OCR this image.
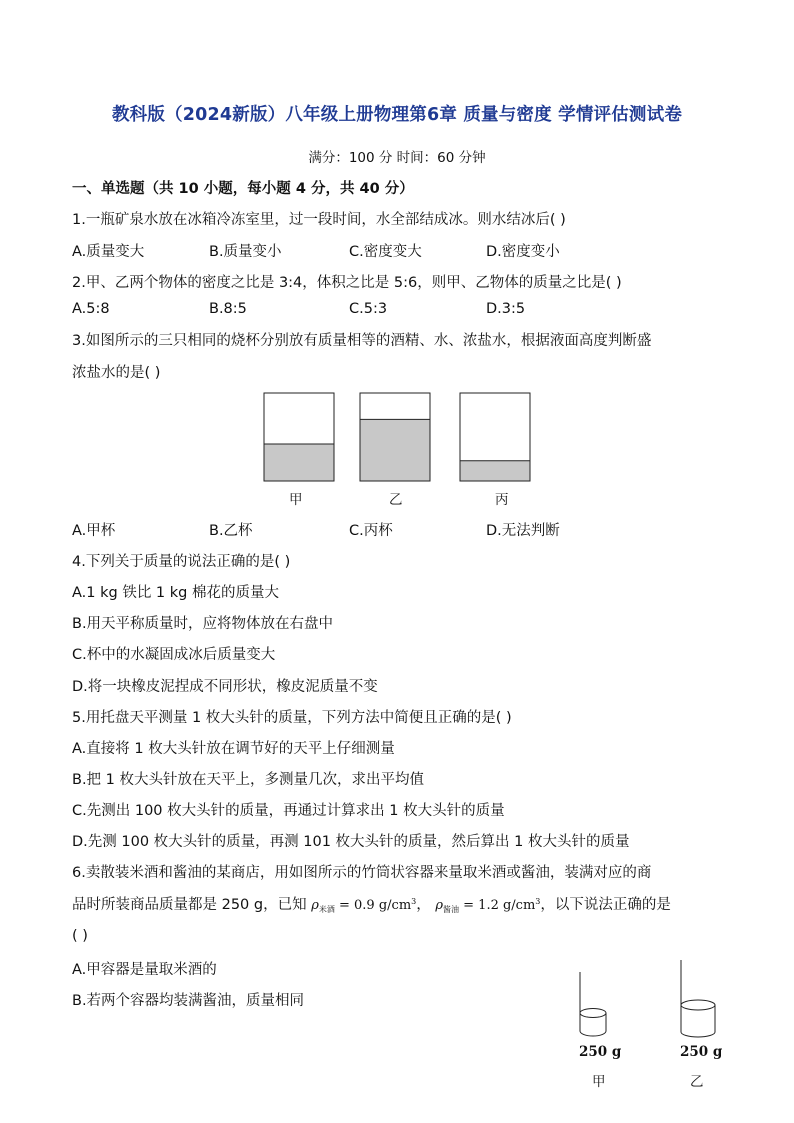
教科版（2024新版）八年级上册物理第6章 质量与密度 学情评估测试卷
满分：100 分 时间：60 分钟
一、单选题（共 10 小题，每小题 4 分，共 40 分）
1.一瓶矿泉水放在冰箱冷冻室里，过一段时间，水全部结成冰。则水结冰后( )
A.质量变大	B.质量变小	C.密度变大	D.密度变小
2.甲、乙两个物体的密度之比是 3:4，体积之比是 5:6，则甲、乙物体的质量之比是( )
A.5:8	B.8:5	C.5:3	D.3:5
3.如图所示的三只相同的烧杯分别放有质量相等的酒精、水、浓盐水，根据液面高度判断盛
浓盐水的是( )
甲	乙	丙
A.甲杯	B.乙杯	C.丙杯	D.无法判断
4.下列关于质量的说法正确的是( )
A.1 kg 铁比 1 kg 棉花的质量大
B.用天平称质量时，应将物体放在右盘中
C.杯中的水凝固成冰后质量变大
D.将一块橡皮泥捏成不同形状，橡皮泥质量不变
5.用托盘天平测量 1 枚大头针的质量，下列方法中简便且正确的是( )
A.直接将 1 枚大头针放在调节好的天平上仔细测量
B.把 1 枚大头针放在天平上，多测量几次，求出平均值
C.先测出 100 枚大头针的质量，再通过计算求出 1 枚大头针的质量
D.先测 100 枚大头针的质量，再测 101 枚大头针的质量，然后算出 1 枚大头针的质量
6.卖散装米酒和酱油的某商店，用如图所示的竹筒状容器来量取米酒或酱油，装满对应的商
品时所装商品质量都是 250 g，已知 $\rho_{米酒} = 0.9$ $g/cm^3$， $\rho_{酱油} = 1.2$ $g/cm^3$，以下说法正确的是
( )
A.甲容器是量取米酒的
B.若两个容器均装满酱油，质量相同
250 g	250 g
甲	乙
